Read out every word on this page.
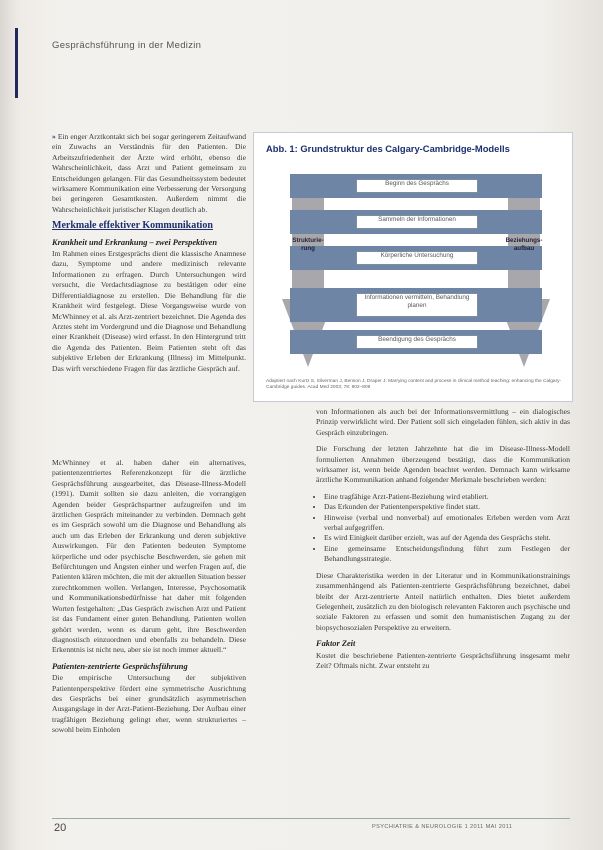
Gesprächsführung in der Medizin

» Ein enger Arztkontakt sich bei sogar geringerem Zeitaufwand ein Zuwachs an Verständnis für den Patienten. Die Arbeitszufriedenheit der Ärzte wird erhöht, ebenso die Wahrscheinlichkeit, dass Arzt und Patient gemeinsam zu Entscheidungen gelangen. Für das Gesundheitssystem bedeutet wirksamere Kommunikation eine Verbesserung der Versorgung bei geringeren Gesamtkosten. Außerdem nimmt die Wahrscheinlichkeit juristischer Klagen deutlich ab.

Merkmale effektiver Kommunikation
Krankheit und Erkrankung – zwei Perspektiven

Im Rahmen eines Erstgesprächs dient die klassische Anamnese dazu, Symptome und andere medizinisch relevante Informationen zu erfragen. Durch Untersuchungen wird versucht, die Verdachtsdiagnose zu bestätigen oder eine Differentialdiagnose zu erstellen. Die Behandlung für die Krankheit wird festgelegt. Diese Vorgangsweise wurde von McWhinney et al. als Arzt-zentriert bezeichnet. Die Agenda des Arztes steht im Vordergrund und die Diagnose und Behandlung einer Krankheit (Disease) wird erfasst. In den Hintergrund tritt die Agenda des Patienten. Beim Patienten steht oft das subjektive Erleben der Erkrankung (Illness) im Mittelpunkt. Das wirft verschiedene Fragen für das ärztliche Gespräch auf.

McWhinney et al. haben daher ein alternatives, patientenzentriertes Referenzkonzept für die ärztliche Gesprächsführung ausgearbeitet, das Disease-Illness-Modell (1991). Damit sollten sie dazu anleiten, die vorrangigen Agenden beider Gesprächspartner aufzugreifen und im ärztlichen Gespräch miteinander zu verbinden. Demnach geht es im Gespräch sowohl um die Diagnose und Behandlung als auch um das Erleben der Erkrankung und deren subjektive Auswirkungen. Für den Patienten bedeuten Symptome körperliche und oder psychische Beschwerden, sie gehen mit Befürchtungen und Ängsten einher und werfen Fragen auf, die Patienten klären möchten, die mit der aktuellen Situation besser zurechtkommen wollen. Verlangen, Interesse, Psychosomatik und Kommunikationsbedürfnisse hat daher mit folgenden Worten festgehalten: „Das Gespräch zwischen Arzt und Patient ist das Fundament einer guten Behandlung. Patienten wollen gehört werden, wenn es darum geht, ihre Beschwerden diagnostisch einzuordnen und ebenfalls zu behandeln. Diese Erkenntnis ist nicht neu, aber sie ist noch immer aktuell.“

Patienten-zentrierte Gesprächsführung

Die empirische Untersuchung der subjektiven Patientenperspektive fördert eine symmetrische Ausrichtung des Gesprächs bei einer grundsätzlich asymmetrischen Ausgangslage in der Arzt-Patient-Beziehung. Der Aufbau einer tragfähigen Beziehung gelingt eher, wenn strukturiertes – sowohl beim Einholen

Abb. 1: Grundstruktur des Calgary-Cambridge-Modells
Beginn des Gesprächs
Sammeln der Informationen
Körperliche Untersuchung
Informationen vermitteln, Behandlung planen
Beendigung des Gesprächs
Strukturie-
rung
Beziehungs-
aufbau
Adaptiert nach Kurtz S, Silverman J, Benson J, Draper J: Marrying content and process in clinical method teaching: enhancing the Calgary-Cambridge guides. Acad Med 2003; 78: 802–809

von Informationen als auch bei der Informationsvermittlung – ein dialogisches Prinzip verwirklicht wird. Der Patient soll sich eingeladen fühlen, sich aktiv in das Gespräch einzubringen.

Die Forschung der letzten Jahrzehnte hat die im Disease-Illness-Modell formulierten Annahmen überzeugend bestätigt, dass die Kommunikation wirksamer ist, wenn beide Agenden beachtet werden. Demnach kann wirksame ärztliche Kommunikation anhand folgender Merkmale beschrieben werden:

• Eine tragfähige Arzt-Patient-Beziehung wird etabliert.
• Das Erkunden der Patientenperspektive findet statt.
• Hinweise (verbal und nonverbal) auf emotionales Erleben werden vom Arzt verbal aufgegriffen.
• Es wird Einigkeit darüber erzielt, was auf der Agenda des Gesprächs steht.
• Eine gemeinsame Entscheidungsfindung führt zum Festlegen der Behandlungsstrategie.

Diese Charakteristika werden in der Literatur und in Kommunikationstrainings zusammenhängend als Patienten-zentrierte Gesprächsführung bezeichnet, dabei bleibt der Arzt-zentrierte Anteil natürlich enthalten. Dies bietet außerdem Gelegenheit, zusätzlich zu den biologisch relevanten Faktoren auch psychische und soziale Faktoren zu erfassen und somit den humanistischen Zugang zu der biopsychosozialen Perspektive zu erweitern.

Faktor Zeit

Kostet die beschriebene Patienten-zentrierte Gesprächsführung insgesamt mehr Zeit? Oftmals nicht. Zwar entsteht zu

20	PSYCHIATRIE & NEUROLOGIE 1 2011 MAI 2011
